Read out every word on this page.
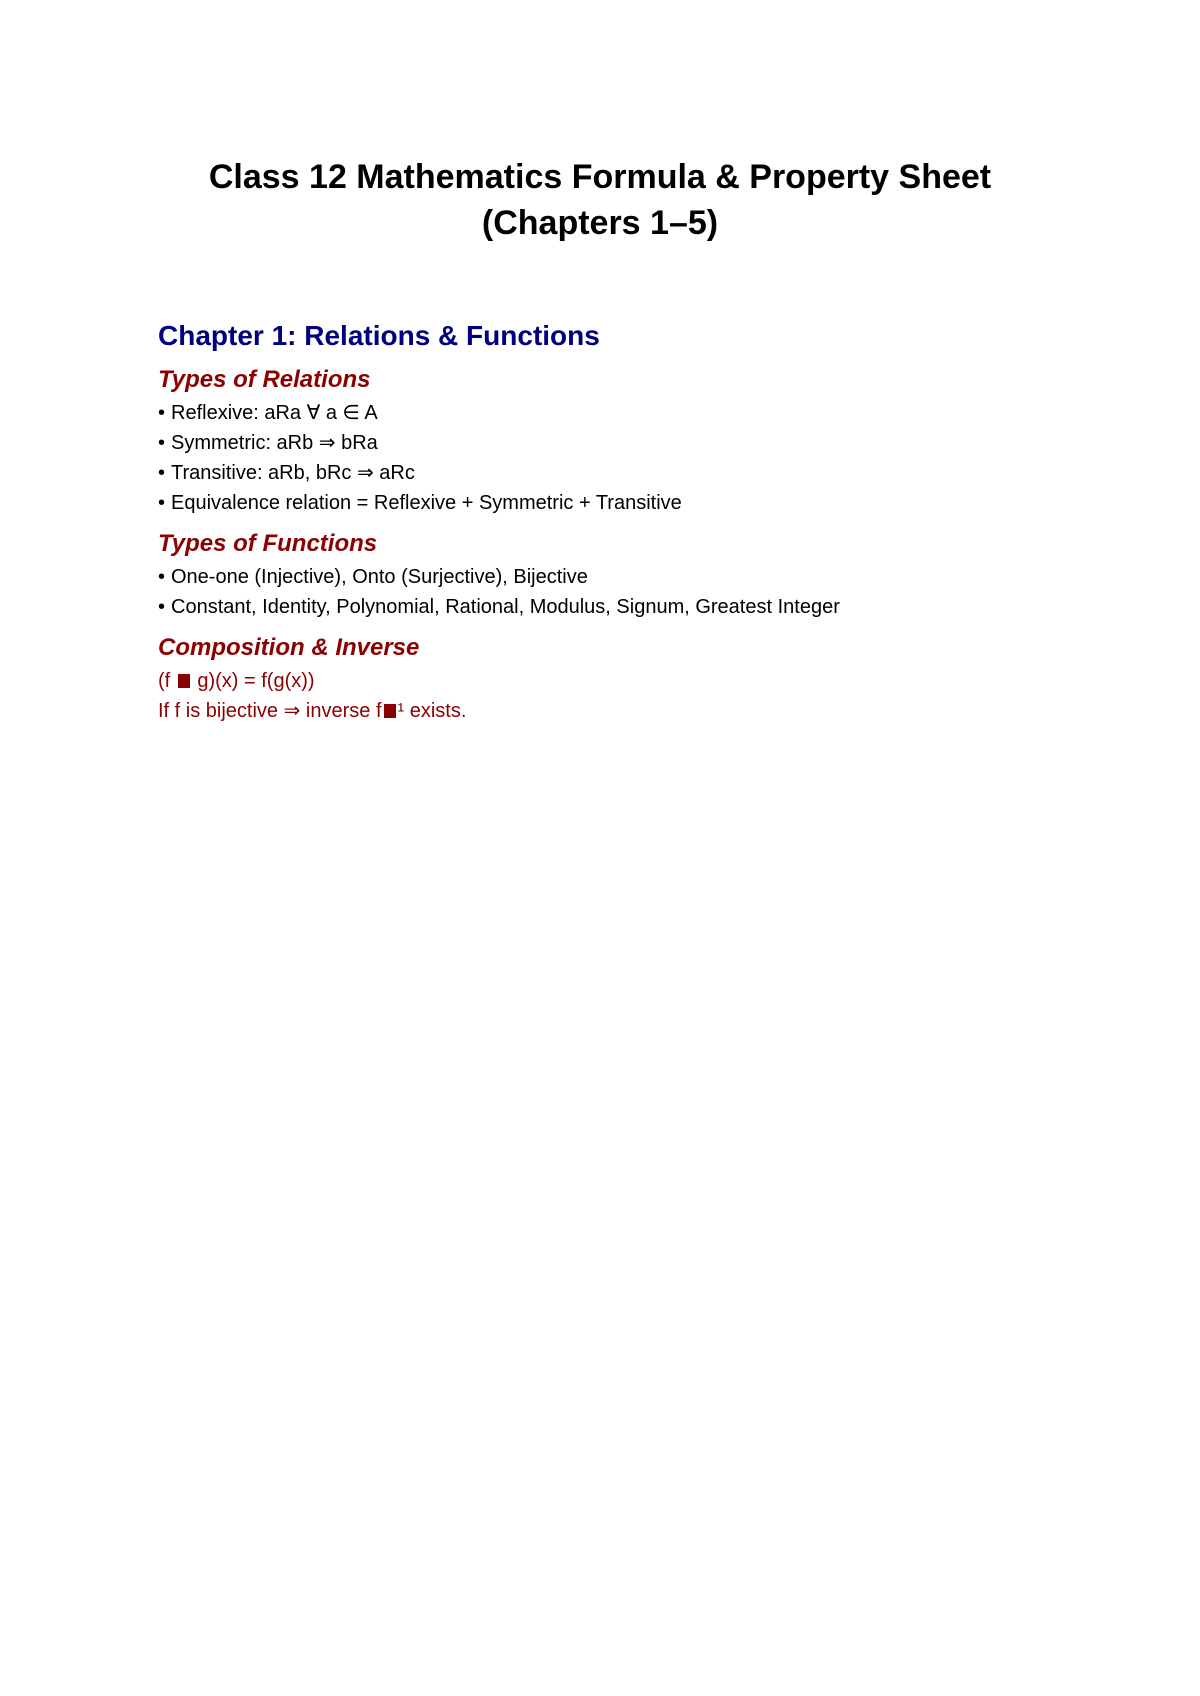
Class 12 Mathematics Formula & Property Sheet
(Chapters 1–5)
Chapter 1: Relations & Functions
Types of Relations

• Reflexive: aRa ∀ a ∈ A

• Symmetric: aRb ⇒ bRa

• Transitive: aRb, bRc ⇒ aRc

• Equivalence relation = Reflexive + Symmetric + Transitive

Types of Functions

• One-one (Injective), Onto (Surjective), Bijective

• Constant, Identity, Polynomial, Rational, Modulus, Signum, Greatest Integer

Composition & Inverse

(f  g)(x) = f(g(x))

If f is bijective ⇒ inverse f ¹ exists.
